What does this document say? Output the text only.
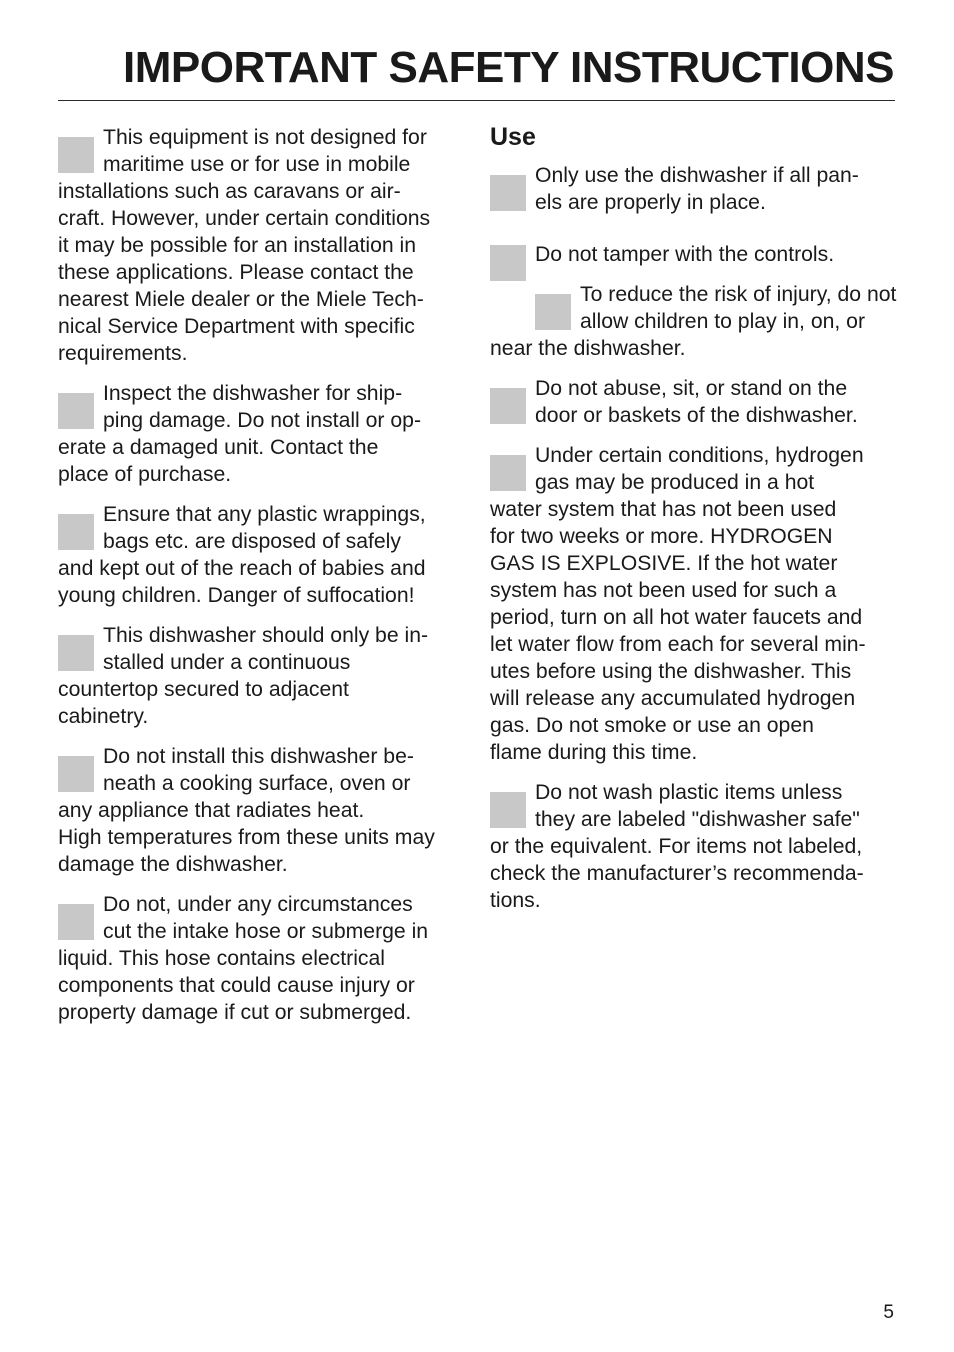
IMPORTANT SAFETY INSTRUCTIONS

This equipment is not designed for
maritime use or for use in mobile
installations such as caravans or air-
craft. However, under certain conditions
it may be possible for an installation in
these applications. Please contact the
nearest Miele dealer or the Miele Tech-
nical Service Department with specific
requirements.

Inspect the dishwasher for ship-
ping damage. Do not install or op-
erate a damaged unit. Contact the
place of purchase.

Ensure that any plastic wrappings,
bags etc. are disposed of safely
and kept out of the reach of babies and
young children. Danger of suffocation!

This dishwasher should only be in-
stalled under a continuous
countertop secured to adjacent
cabinetry.

Do not install this dishwasher be-
neath a cooking surface, oven or
any appliance that radiates heat.
High temperatures from these units may
damage the dishwasher.

Do not, under any circumstances
cut the intake hose or submerge in
liquid. This hose contains electrical
components that could cause injury or
property damage if cut or submerged.

Use

Only use the dishwasher if all pan-
els are properly in place.

Do not tamper with the controls.

To reduce the risk of injury, do not
allow children to play in, on, or
near the dishwasher.

Do not abuse, sit, or stand on the
door or baskets of the dishwasher.

Under certain conditions, hydrogen
gas may be produced in a hot
water system that has not been used
for two weeks or more. HYDROGEN
GAS IS EXPLOSIVE. If the hot water
system has not been used for such a
period, turn on all hot water faucets and
let water flow from each for several min-
utes before using the dishwasher. This
will release any accumulated hydrogen
gas. Do not smoke or use an open
flame during this time.

Do not wash plastic items unless
they are labeled "dishwasher safe"
or the equivalent. For items not labeled,
check the manufacturer’s recommenda-
tions.

5
